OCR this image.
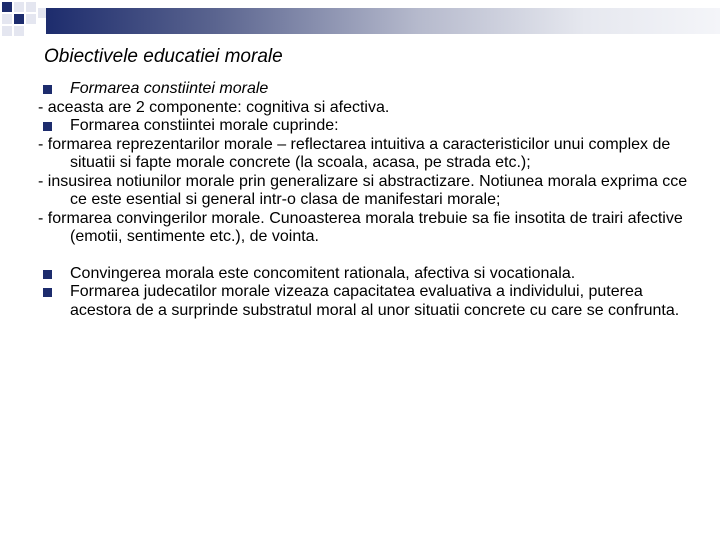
Obiectivele educatiei morale
Formarea constiintei morale
- aceasta are 2 componente: cognitiva si afectiva.
Formarea constiintei morale cuprinde:
- formarea reprezentarilor morale – reflectarea intuitiva a caracteristicilor unui complex de situatii si fapte morale concrete (la scoala, acasa, pe strada etc.);
- insusirea notiunilor morale prin generalizare si abstractizare. Notiunea morala exprima cce ce este esential si general intr-o clasa de manifestari morale;
- formarea convingerilor morale. Cunoasterea morala trebuie sa fie insotita de trairi afective (emotii, sentimente etc.), de vointa.
Convingerea morala este concomitent rationala, afectiva si vocationala.
Formarea judecatilor morale vizeaza capacitatea evaluativa a individului, puterea acestora de a surprinde substratul moral al unor situatii concrete cu care se confrunta.
